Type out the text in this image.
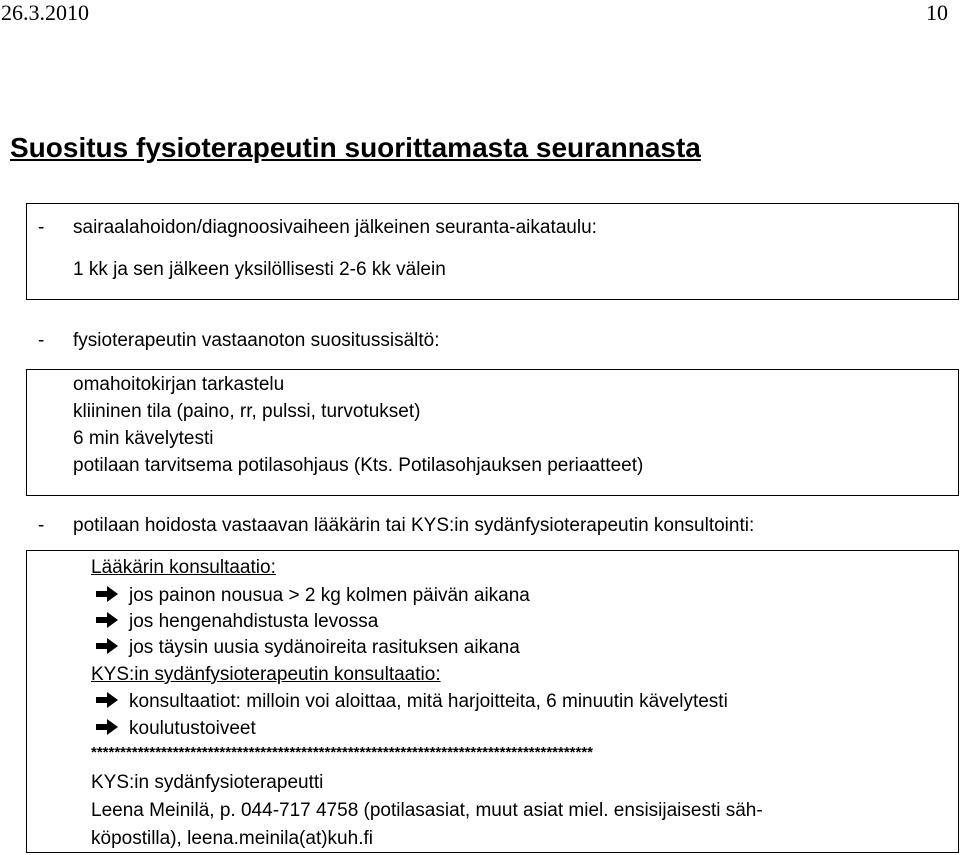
26.3.2010	10
Suositus fysioterapeutin suorittamasta seurannasta
- sairaalahoidon/diagnoosivaiheen jälkeinen seuranta-aikataulu:
1 kk ja sen jälkeen yksilöllisesti 2-6 kk välein
- fysioterapeutin vastaanoton suositussisältö:
omahoitokirjan tarkastelu
kliininen tila (paino, rr, pulssi, turvotukset)
6 min kävelytesti
potilaan tarvitsema potilasohjaus (Kts. Potilasohjauksen periaatteet)
- potilaan hoidosta vastaavan lääkärin tai KYS:in sydänfysioterapeutin konsultointi:
Lääkärin konsultaatio:
jos painon nousua > 2 kg kolmen päivän aikana
jos hengenahdistusta levossa
jos täysin uusia sydänoireita rasituksen aikana
KYS:in sydänfysioterapeutin konsultaatio:
konsultaatiot: milloin voi aloittaa, mitä harjoitteita, 6 minuutin kävelytesti
koulutustoiveet
**************************************************************************************
KYS:in sydänfysioterapeutti
Leena Meinilä, p. 044-717 4758 (potilasasiat, muut asiat miel. ensisijaisesti säh-
köpostilla), leena.meinila(at)kuh.fi
